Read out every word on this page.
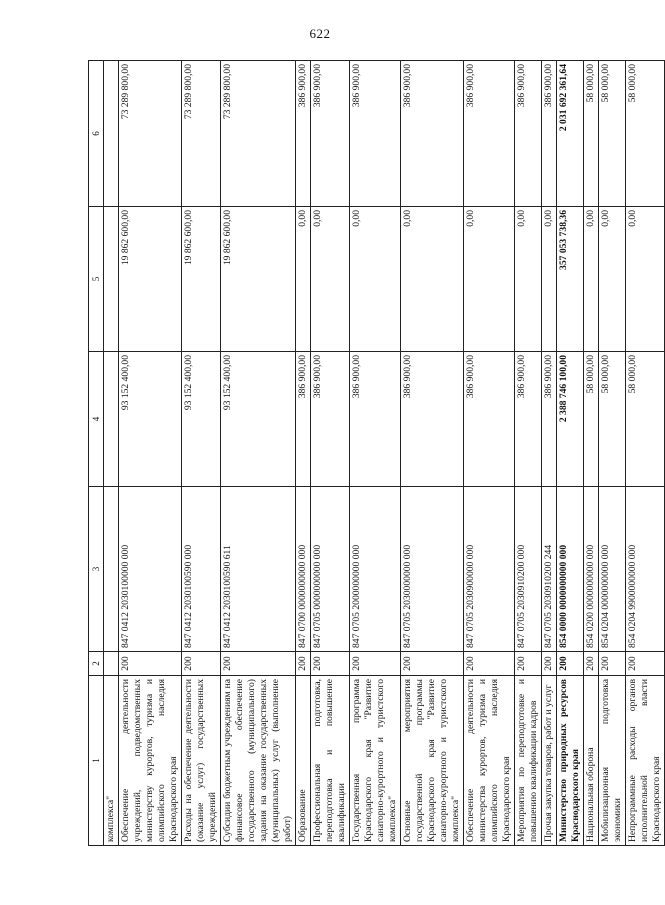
622
1	2	3	4	5	6
комплекса"					
Обеспечение деятельности учреждений, подведомственных министерству курортов, туризма и олимпийского наследия Краснодарского края	200	847 0412 2030100000 000	93 152 400,00	19 862 600,00	73 289 800,00
Расходы на обеспечение деятельности (оказание услуг) государственных учреждений	200	847 0412 2030100590 000	93 152 400,00	19 862 600,00	73 289 800,00
Субсидии бюджетным учреждениям на финансовое обеспечение государственного (муниципального) задания на оказание государственных (муниципальных) услуг (выполнение работ)	200	847 0412 2030100590 611	93 152 400,00	19 862 600,00	73 289 800,00
Образование	200	847 0700 0000000000 000	386 900,00	0,00	386 900,00
Профессиональная подготовка, переподготовка и повышение квалификации	200	847 0705 0000000000 000	386 900,00	0,00	386 900,00
Государственная программа Краснодарского края "Развитие санаторно-курортного и туристского комплекса"	200	847 0705 2000000000 000	386 900,00	0,00	386 900,00
Основные мероприятия государственной программы Краснодарского края "Развитие санаторно-курортного и туристского комплекса"	200	847 0705 2030000000 000	386 900,00	0,00	386 900,00
Обеспечение деятельности министерства курортов, туризма и олимпийского наследия Краснодарского края	200	847 0705 2030900000 000	386 900,00	0,00	386 900,00
Мероприятия по переподготовке и повышению квалификации кадров	200	847 0705 2030910200 000	386 900,00	0,00	386 900,00
Прочая закупка товаров, работ и услуг	200	847 0705 2030910200 244	386 900,00	0,00	386 900,00
Министерство природных ресурсов Краснодарского края	200	854 0000 0000000000 000	2 388 746 100,00	357 053 738,36	2 031 692 361,64
Национальная оборона	200	854 0200 0000000000 000	58 000,00	0,00	58 000,00
Мобилизационная подготовка экономики	200	854 0204 0000000000 000	58 000,00	0,00	58 000,00
Непрограммные расходы органов исполнительной власти Краснодарского края	200	854 0204 9900000000 000	58 000,00	0,00	58 000,00
